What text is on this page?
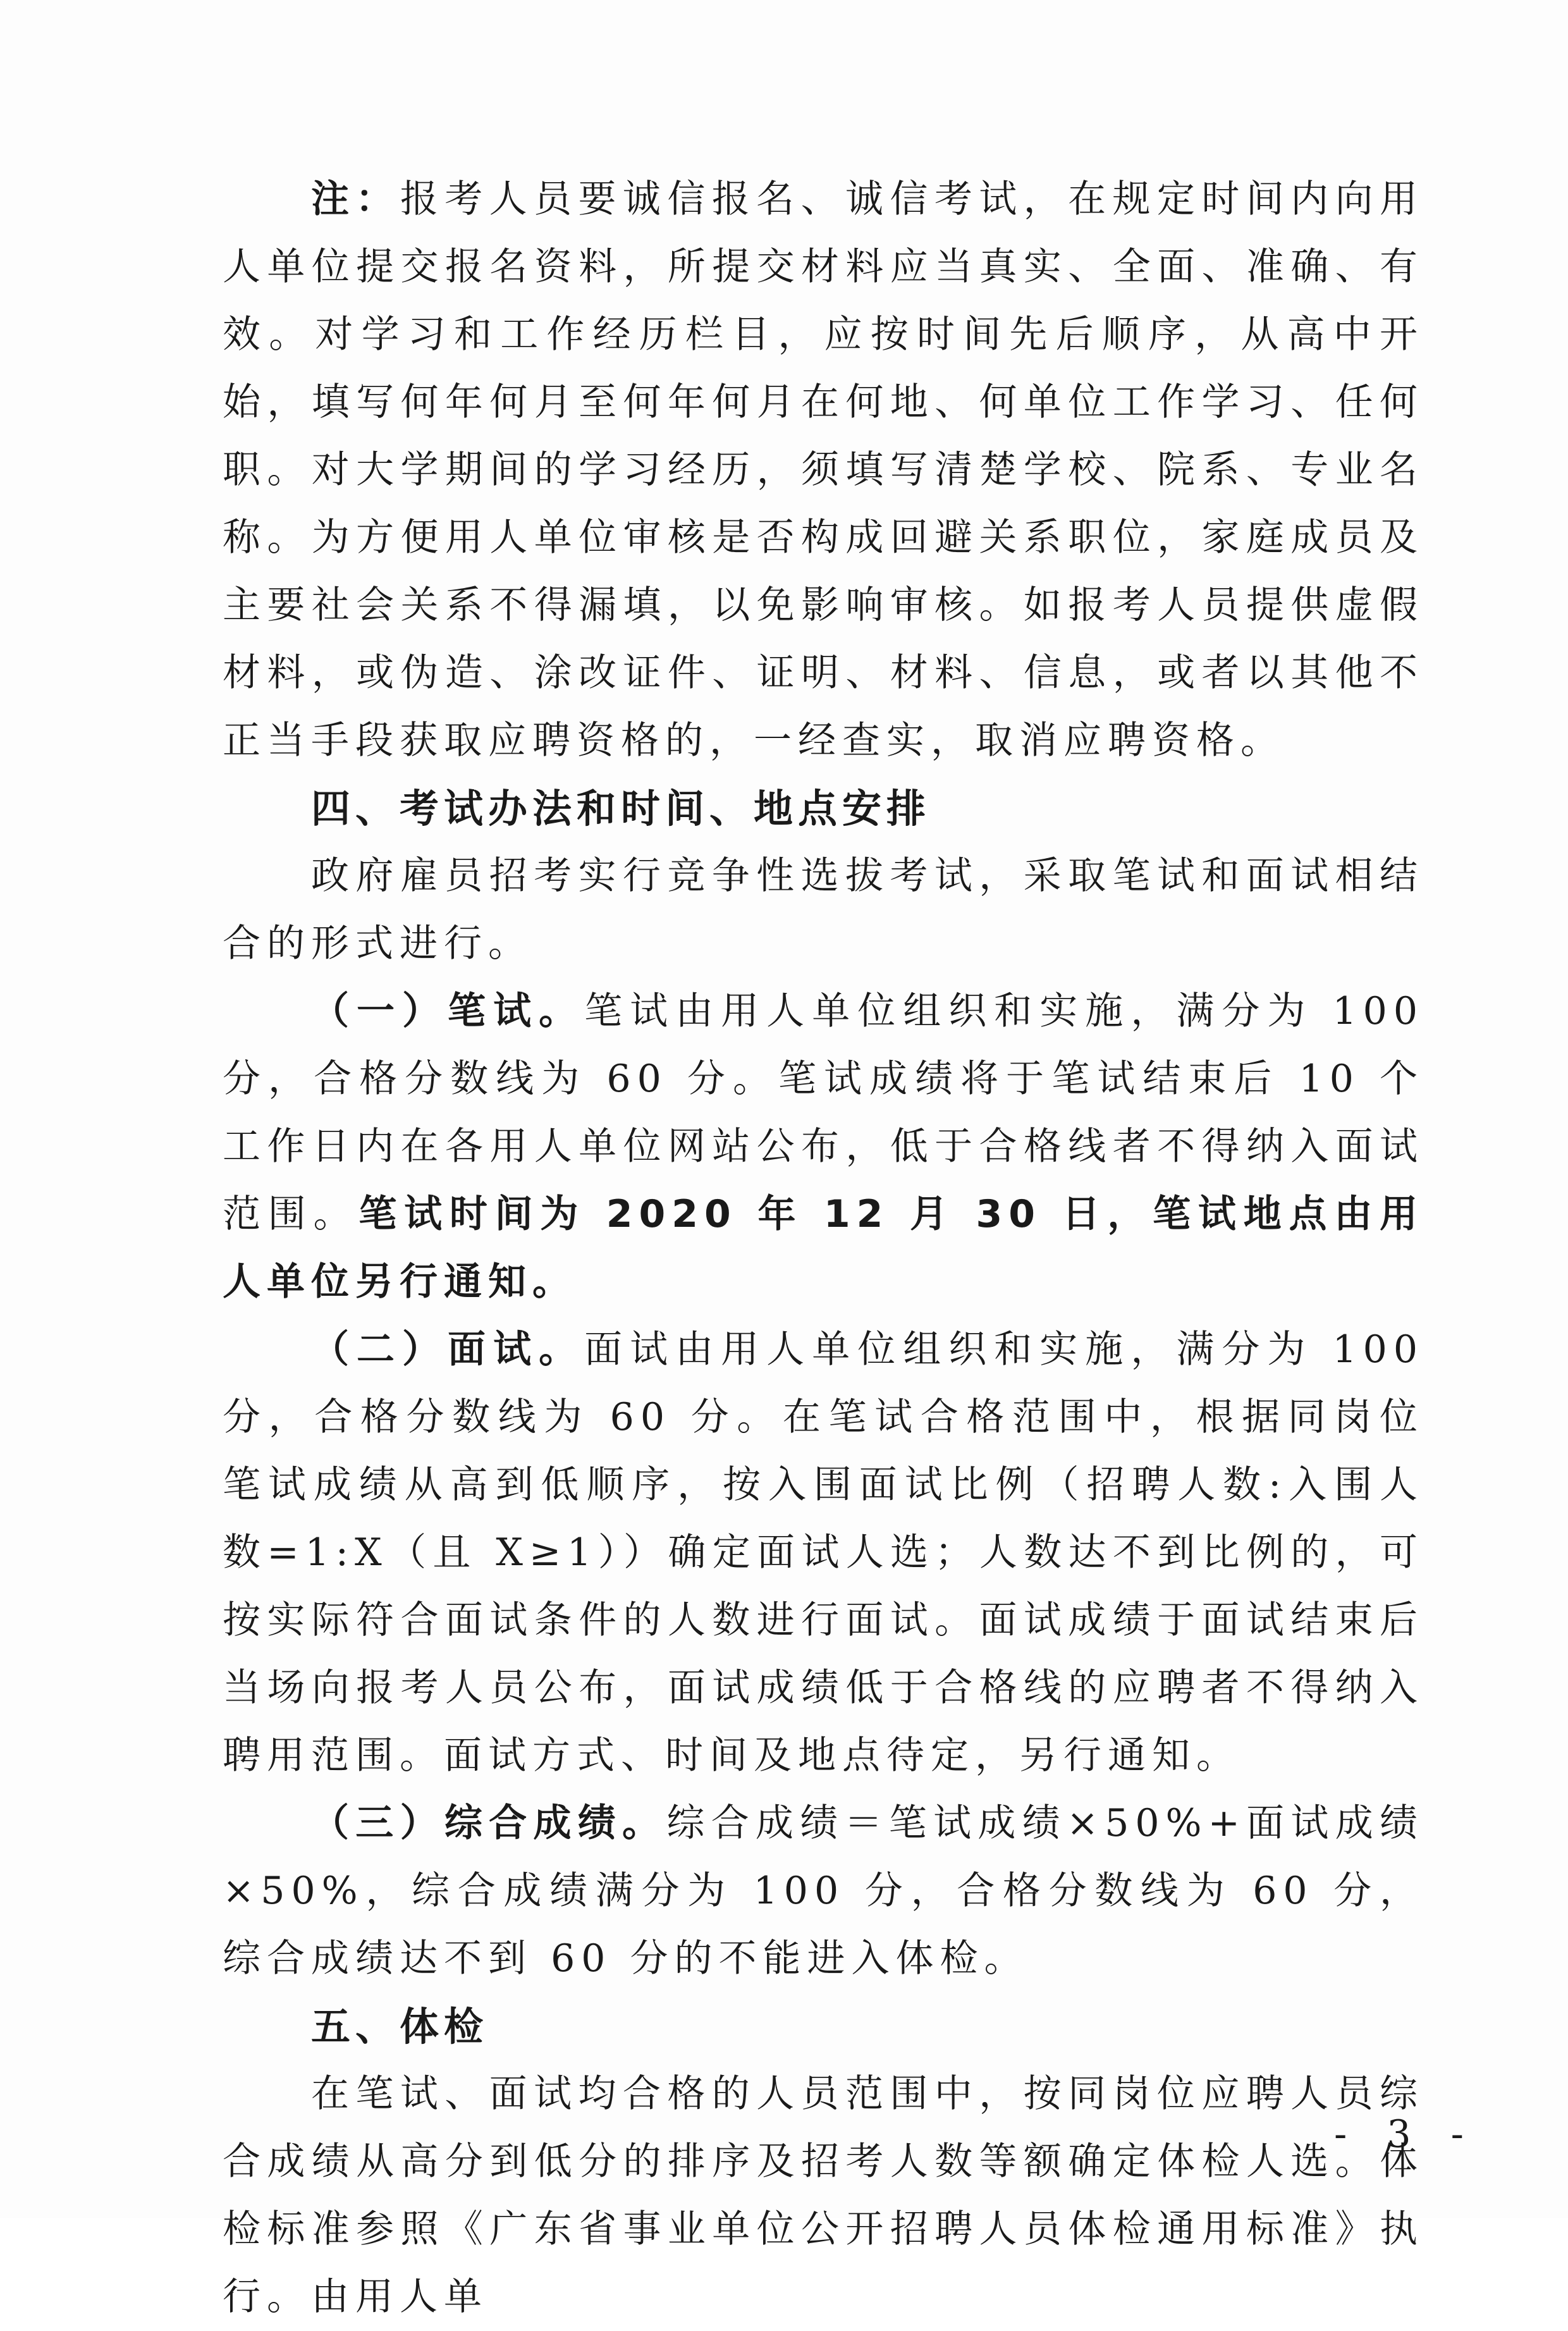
注：报考人员要诚信报名、诚信考试，在规定时间内向用人单位提交报名资料，所提交材料应当真实、全面、准确、有效。对学习和工作经历栏目，应按时间先后顺序，从高中开始，填写何年何月至何年何月在何地、何单位工作学习、任何职。对大学期间的学习经历，须填写清楚学校、院系、专业名称。为方便用人单位审核是否构成回避关系职位，家庭成员及主要社会关系不得漏填，以免影响审核。如报考人员提供虚假材料，或伪造、涂改证件、证明、材料、信息，或者以其他不正当手段获取应聘资格的，一经查实，取消应聘资格。

四、考试办法和时间、地点安排

政府雇员招考实行竞争性选拔考试，采取笔试和面试相结合的形式进行。

（一）笔试。笔试由用人单位组织和实施，满分为 100 分，合格分数线为 60 分。笔试成绩将于笔试结束后 10 个工作日内在各用人单位网站公布，低于合格线者不得纳入面试范围。笔试时间为 2020 年 12 月 30 日，笔试地点由用人单位另行通知。

（二）面试。面试由用人单位组织和实施，满分为 100 分，合格分数线为 60 分。在笔试合格范围中，根据同岗位笔试成绩从高到低顺序，按入围面试比例（招聘人数:入围人数=1:X（且 X≥1））确定面试人选；人数达不到比例的，可按实际符合面试条件的人数进行面试。面试成绩于面试结束后当场向报考人员公布，面试成绩低于合格线的应聘者不得纳入聘用范围。面试方式、时间及地点待定，另行通知。

（三）综合成绩。综合成绩＝笔试成绩×50%+面试成绩×50%，综合成绩满分为 100 分，合格分数线为 60 分，综合成绩达不到 60 分的不能进入体检。

五、体检

在笔试、面试均合格的人员范围中，按同岗位应聘人员综合成绩从高分到低分的排序及招考人数等额确定体检人选。体检标准参照《广东省事业单位公开招聘人员体检通用标准》执行。由用人单

- 3 -
